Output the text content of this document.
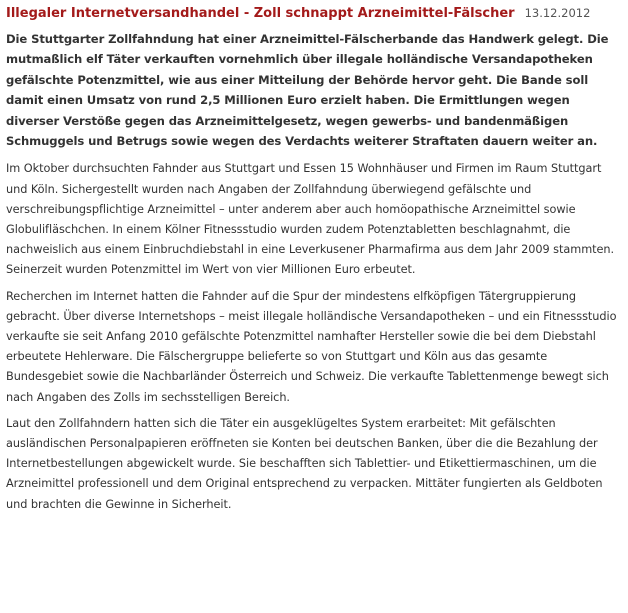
Illegaler Internetversandhandel - Zoll schnappt Arzneimittel-Fälscher 13.12.2012

Die Stuttgarter Zollfahndung hat einer Arzneimittel-Fälscherbande das Handwerk gelegt. Die mutmaßlich elf Täter verkauften vornehmlich über illegale holländische Versandapotheken gefälschte Potenzmittel, wie aus einer Mitteilung der Behörde hervor geht. Die Bande soll damit einen Umsatz von rund 2,5 Millionen Euro erzielt haben. Die Ermittlungen wegen diverser Verstöße gegen das Arzneimittelgesetz, wegen gewerbs- und bandenmäßigen Schmuggels und Betrugs sowie wegen des Verdachts weiterer Straftaten dauern weiter an.

Im Oktober durchsuchten Fahnder aus Stuttgart und Essen 15 Wohnhäuser und Firmen im Raum Stuttgart und Köln. Sichergestellt wurden nach Angaben der Zollfahndung überwiegend gefälschte und verschreibungspflichtige Arzneimittel – unter anderem aber auch homöopathische Arzneimittel sowie Globulifläschchen. In einem Kölner Fitnessstudio wurden zudem Potenztabletten beschlagnahmt, die nachweislich aus einem Einbruchdiebstahl in eine Leverkusener Pharmafirma aus dem Jahr 2009 stammten. Seinerzeit wurden Potenzmittel im Wert von vier Millionen Euro erbeutet.

Recherchen im Internet hatten die Fahnder auf die Spur der mindestens elfköpfigen Tätergruppierung gebracht. Über diverse Internetshops – meist illegale holländische Versandapotheken – und ein Fitnessstudio verkaufte sie seit Anfang 2010 gefälschte Potenzmittel namhafter Hersteller sowie die bei dem Diebstahl erbeutete Hehlerware. Die Fälschergruppe belieferte so von Stuttgart und Köln aus das gesamte Bundesgebiet sowie die Nachbarländer Österreich und Schweiz. Die verkaufte Tablettenmenge bewegt sich nach Angaben des Zolls im sechsstelligen Bereich.

Laut den Zollfahndern hatten sich die Täter ein ausgeklügeltes System erarbeitet: Mit gefälschten ausländischen Personalpapieren eröffneten sie Konten bei deutschen Banken, über die die Bezahlung der Internetbestellungen abgewickelt wurde. Sie beschafften sich Tablettier- und Etikettiermaschinen, um die Arzneimittel professionell und dem Original entsprechend zu verpacken. Mittäter fungierten als Geldboten und brachten die Gewinne in Sicherheit.
